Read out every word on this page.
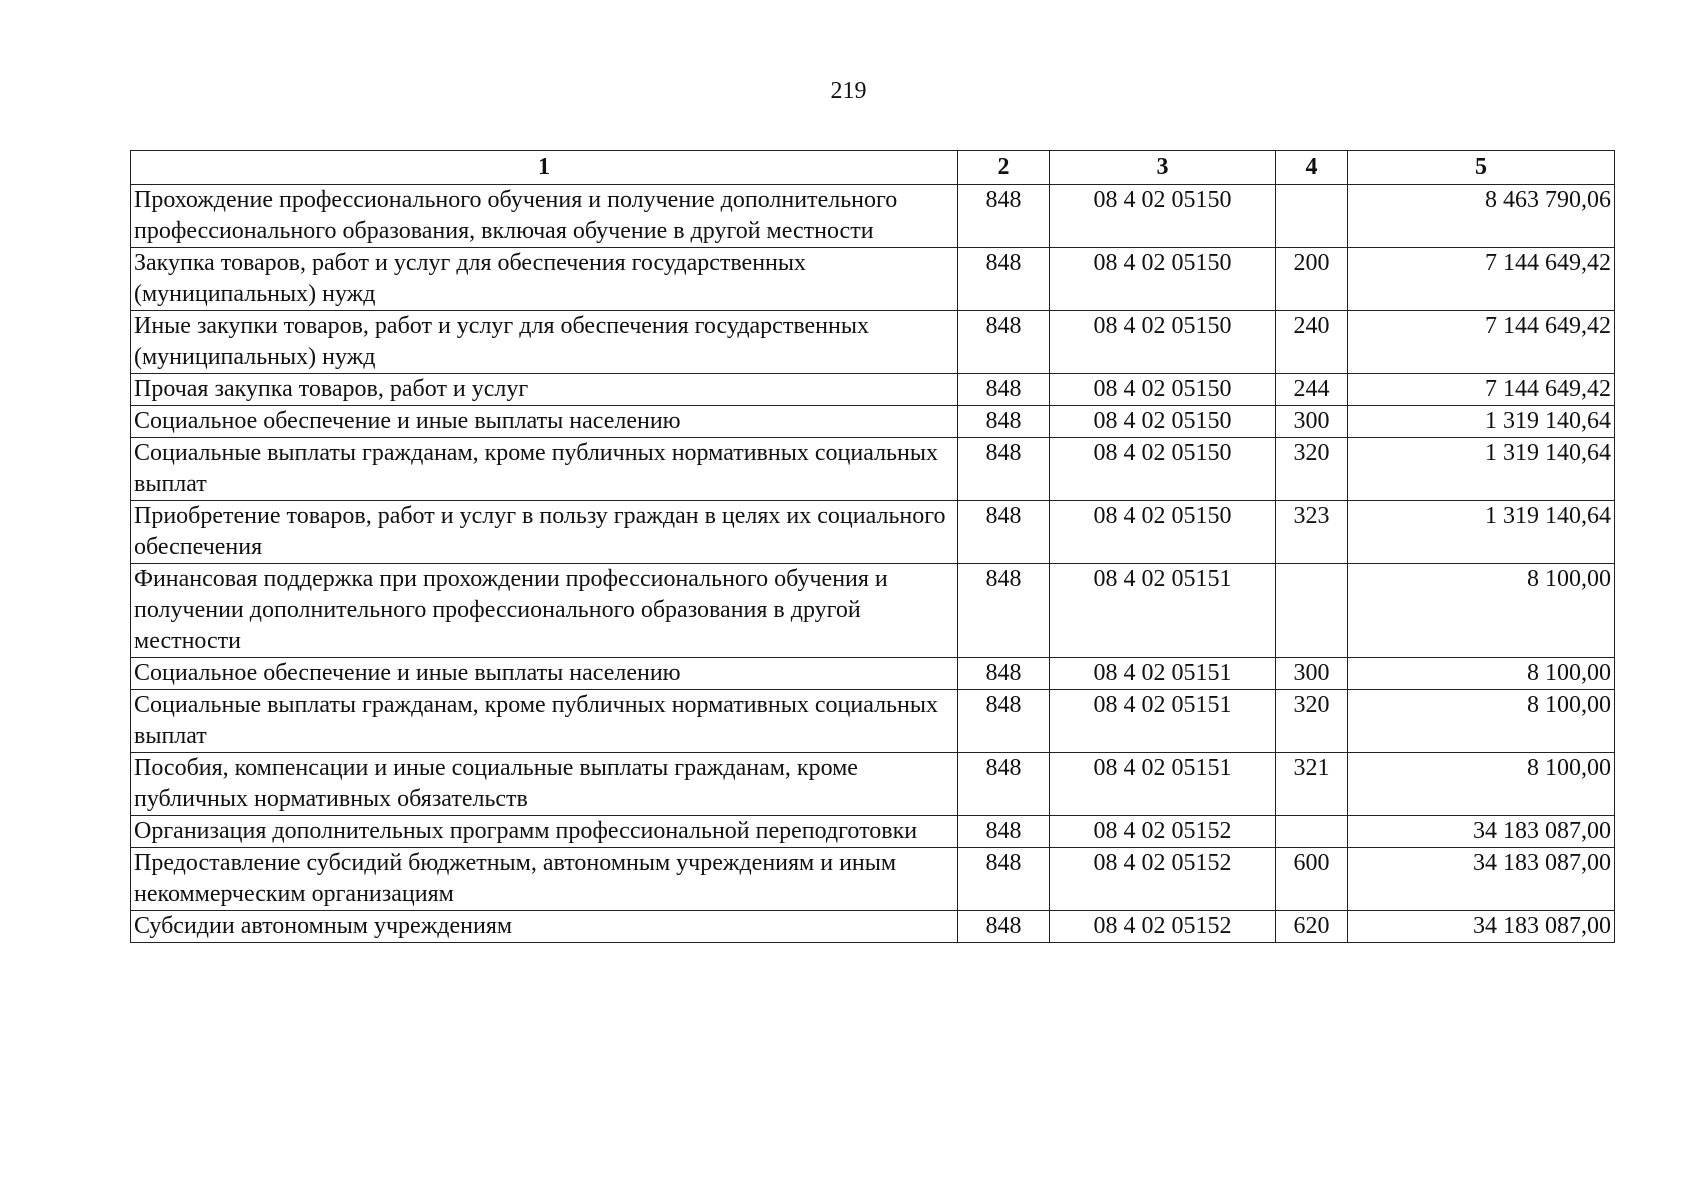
219
1	2	3	4	5
Прохождение профессионального обучения и получение дополнительного профессионального образования, включая обучение в другой местности	848	08 4 02 05150		8 463 790,06
Закупка товаров, работ и услуг для обеспечения государственных (муниципальных) нужд	848	08 4 02 05150	200	7 144 649,42
Иные закупки товаров, работ и услуг для обеспечения государственных (муниципальных) нужд	848	08 4 02 05150	240	7 144 649,42
Прочая закупка товаров, работ и услуг	848	08 4 02 05150	244	7 144 649,42
Социальное обеспечение и иные выплаты населению	848	08 4 02 05150	300	1 319 140,64
Социальные выплаты гражданам, кроме публичных нормативных социальных выплат	848	08 4 02 05150	320	1 319 140,64
Приобретение товаров, работ и услуг в пользу граждан в целях их социального обеспечения	848	08 4 02 05150	323	1 319 140,64
Финансовая поддержка при прохождении профессионального обучения и получении дополнительного профессионального образования в другой местности	848	08 4 02 05151		8 100,00
Социальное обеспечение и иные выплаты населению	848	08 4 02 05151	300	8 100,00
Социальные выплаты гражданам, кроме публичных нормативных социальных выплат	848	08 4 02 05151	320	8 100,00
Пособия, компенсации и иные социальные выплаты гражданам, кроме публичных нормативных обязательств	848	08 4 02 05151	321	8 100,00
Организация дополнительных программ профессиональной переподготовки	848	08 4 02 05152		34 183 087,00
Предоставление субсидий бюджетным, автономным учреждениям и иным некоммерческим организациям	848	08 4 02 05152	600	34 183 087,00
Субсидии автономным учреждениям	848	08 4 02 05152	620	34 183 087,00
